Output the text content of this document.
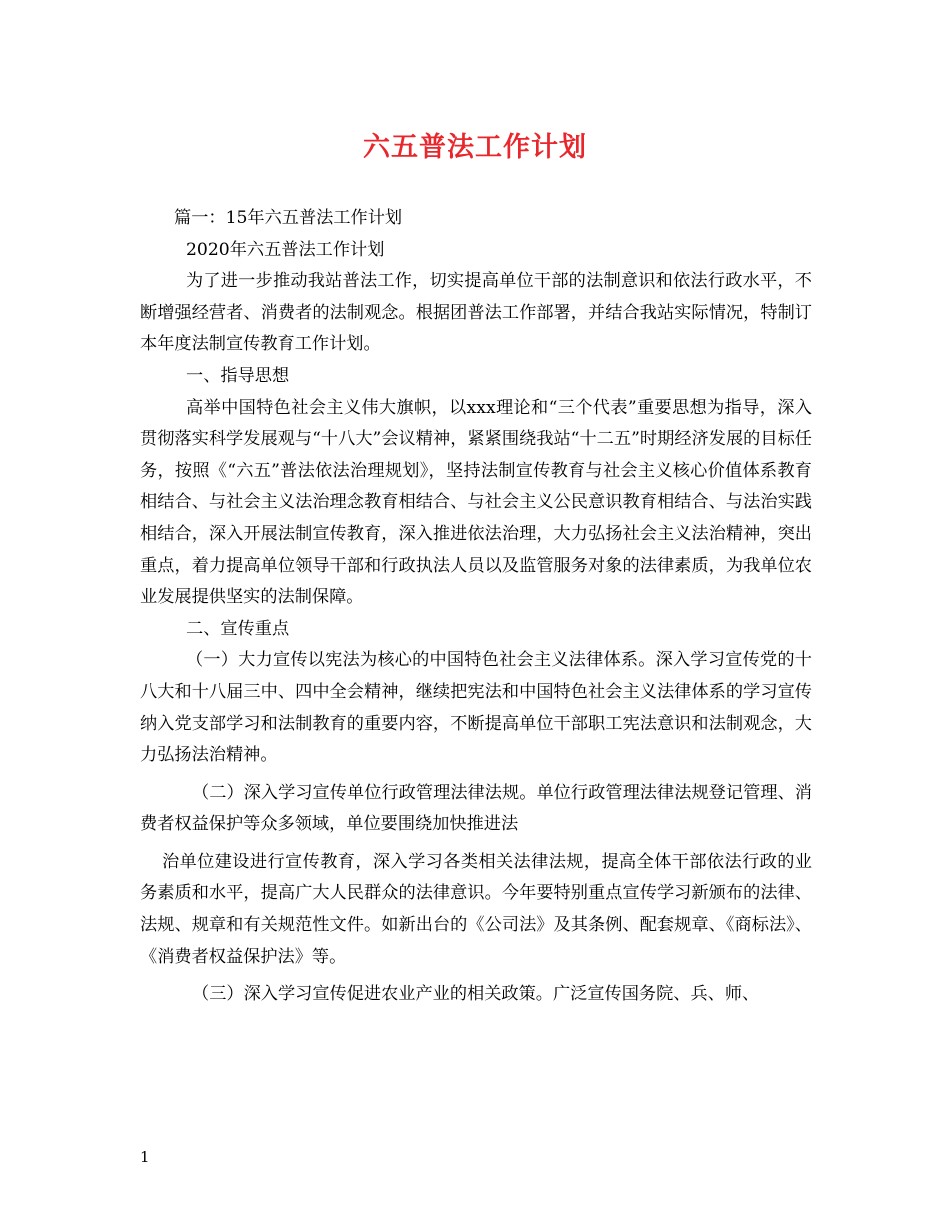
六五普法工作计划

篇一：15年六五普法工作计划

2020年六五普法工作计划

为了进一步推动我站普法工作，切实提高单位干部的法制意识和依法行政水平，不断增强经营者、消费者的法制观念。根据团普法工作部署，并结合我站实际情况，特制订本年度法制宣传教育工作计划。

一、指导思想

高举中国特色社会主义伟大旗帜，以xxx理论和“三个代表”重要思想为指导，深入贯彻落实科学发展观与“十八大”会议精神，紧紧围绕我站“十二五”时期经济发展的目标任务，按照《“六五”普法依法治理规划》，坚持法制宣传教育与社会主义核心价值体系教育相结合、与社会主义法治理念教育相结合、与社会主义公民意识教育相结合、与法治实践相结合，深入开展法制宣传教育，深入推进依法治理，大力弘扬社会主义法治精神，突出重点，着力提高单位领导干部和行政执法人员以及监管服务对象的法律素质，为我单位农业发展提供坚实的法制保障。

二、宣传重点

（一）大力宣传以宪法为核心的中国特色社会主义法律体系。深入学习宣传党的十八大和十八届三中、四中全会精神，继续把宪法和中国特色社会主义法律体系的学习宣传纳入党支部学习和法制教育的重要内容，不断提高单位干部职工宪法意识和法制观念，大力弘扬法治精神。

（二）深入学习宣传单位行政管理法律法规。单位行政管理法律法规登记管理、消费者权益保护等众多领域，单位要围绕加快推进法

治单位建设进行宣传教育，深入学习各类相关法律法规，提高全体干部依法行政的业务素质和水平，提高广大人民群众的法律意识。今年要特别重点宣传学习新颁布的法律、法规、规章和有关规范性文件。如新出台的《公司法》及其条例、配套规章、《商标法》、《消费者权益保护法》等。

（三）深入学习宣传促进农业产业的相关政策。广泛宣传国务院、兵、师、

1
